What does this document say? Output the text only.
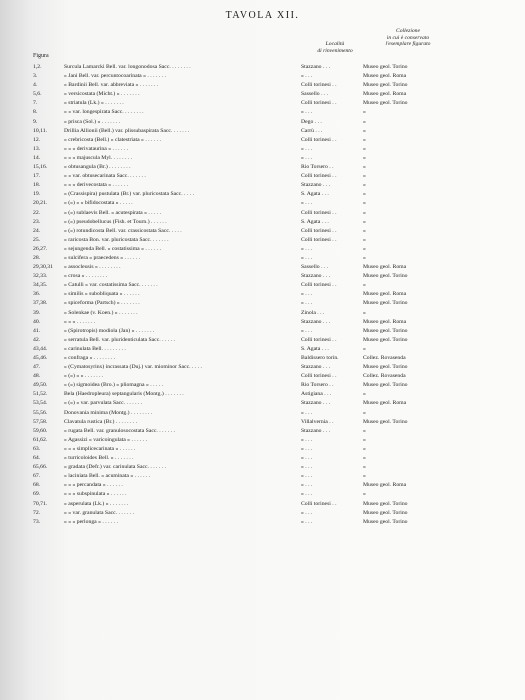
TAVOLA XII.
Figura
Località
di rinvenimento
Collezione
in cui è conservato
l'esemplare figurato
1,2.	Surcula Lamarcki Bell. var. longonodosa Sacc. . . . . . . .	Stazzano . . .	Museo geol. Torino
3.	» Jani Bell. var. percuntocoarinata » . . . . . . .	» . . .	Museo geol. Roma
4.	» Bardinii Bell. var. abbreviata » . . . . . . .	Colli torinesi . .	Museo geol. Torino
5,6.	» versicostata (Micht.) » . . . . . . .	Sassello . . .	Museo geol. Roma
7.	» striatula (Lk.) » . . . . . . .	Colli torinesi . .	Museo geol. Torino
8.	» » var. longespirata Sacc. . . . . . . .	» . . .	»
9.	» prisca (Sol.) » . . . . . . .	Dego . . .	»
10,11.	Drillia Allionii (Bell.) var. plissubaspirata Sacc. . . . . . .	Carrù . . .	»
12.	» crebricosta (Bell.) » clatestriata » . . . . . .	Colli torinesi . .	»
13.	» » » derivataurina » . . . . . .	» . . .	»
14.	» » » majuscula Myl. . . . . . . .	» . . .	»
15,16.	» obtusangula (Br.) . . . . . . . .	Rio Torsero . .	»
17.	» » var. obtusecarinata Sacc. . . . . . .	Colli torinesi . .	»
18.	» » » derivecostata » . . . . . .	Stazzano . . .	»
19.	» (Crassispira) pustulata (Br.) var. pluricostata Sacc. . . . .	S. Agata . . .	»
20,21.	» (») » » bifidocostata » . . . . .	» . . .	»
22.	» (») sublaevis Bell. » acutespirata » . . . . .	Colli torinesi . .	»
23.	» (») pseudobellucus (Fish. et Tourn.) . . . . . .	S. Agata . . .	»
24.	» (») rotundicosta Bell. var. crassicostata Sacc. . . . .	Colli torinesi . .	»
25.	» raricosta Bon. var. pluricostata Sacc. . . . . . .	Colli torinesi . .	»
26,27.	» sejungenda Bell. » costatissima » . . . . . .	» . . .	»
28.	» sulcifera » praecedens » . . . . . .	» . . .	»
29,30,31	» assocleusis » . . . . . . . .	Sassello . . .	Museo geol. Roma
32,33.	» crosa » . . . . . . . .	Stazzano . . .	Museo geol. Torino
34,35.	» Catulli » var. costatissima Sacc. . . . . . .	Colli torinesi . .	»
36.	» similis » subobliquata » . . . . . .	» . . .	Museo geol. Roma
37,38.	» spiceforma (Partsch) » . . . . . . .	» . . .	Museo geol. Torino
39.	» Solenkae (v. Koen.) » . . . . . . .	Zinola . . .	»
40.	» » » . . . . . . .	Stazzano . . .	Museo geol. Roma
41.	» (Spirotropis) modiola (Jan) » . . . . . . .	» . . .	Museo geol. Torino
42.	» serratula Bell. var. pluridenticulata Sacc. . . . . .	Colli torinesi . .	Museo geol. Torino
43,44.	» carinulata Bell. . . . . . . . .	S. Agata . . .	»
45,46.	» confraga » . . . . . . . .	Baldissero torin.	Collez. Rovasenda
47.	» (Cymatosyrinx) incrassata (Duj.) var. miominor Sacc. . . . .	Stazzano . . .	Museo geol. Torino
48.	» (») » » . . . . . . .	Colli torinesi . .	Collez. Rovasenda
49,50.	» (») sigmoidea (Bro.) » pliomagna » . . . . .	Rio Torsero . .	Museo geol. Torino
51,52.	Bela (Haedropleura) septangularis (Montg.) . . . . . . .	Astigiana . . .	»
53,54.	» (») » var. parvulata Sacc. . . . . . .	Stazzano . . .	Museo geol. Roma
55,56.	Donovania minima (Montg.) . . . . . . . .	» . . .	»
57,58.	Clavatula rustica (Br.) . . . . . . . .	Villalvernia . .	Museo geol. Torino
59,60.	» rugata Bell. var. granulosocostata Sacc. . . . . . .	Stazzano . . .	»
61,62.	» Agassizi » varicoingulata » . . . . . .	» . . .	»
63.	» » » simplicecarinata » . . . . . .	» . . .	»
64.	» turricoloides Bell. » . . . . . . .	» . . .	»
65,66.	» gradata (Defr.) var. carinulata Sacc. . . . . . .	» . . .	»
67.	» laciniata Bell. » acuminata » . . . . . .	» . . .	»
68.	» » » percandata » . . . . . .	» . . .	Museo geol. Roma
69.	» » » subspinulata » . . . . . .	» . . .	»
70,71.	» asperulata (Lk.) » . . . . . . .	Colli torinesi . .	Museo geol. Torino
72.	» » var. granulata Sacc. . . . . . .	» . . .	Museo geol. Torino
73.	» » » perlonga » . . . . . .	» . . .	Museo geol. Torino
